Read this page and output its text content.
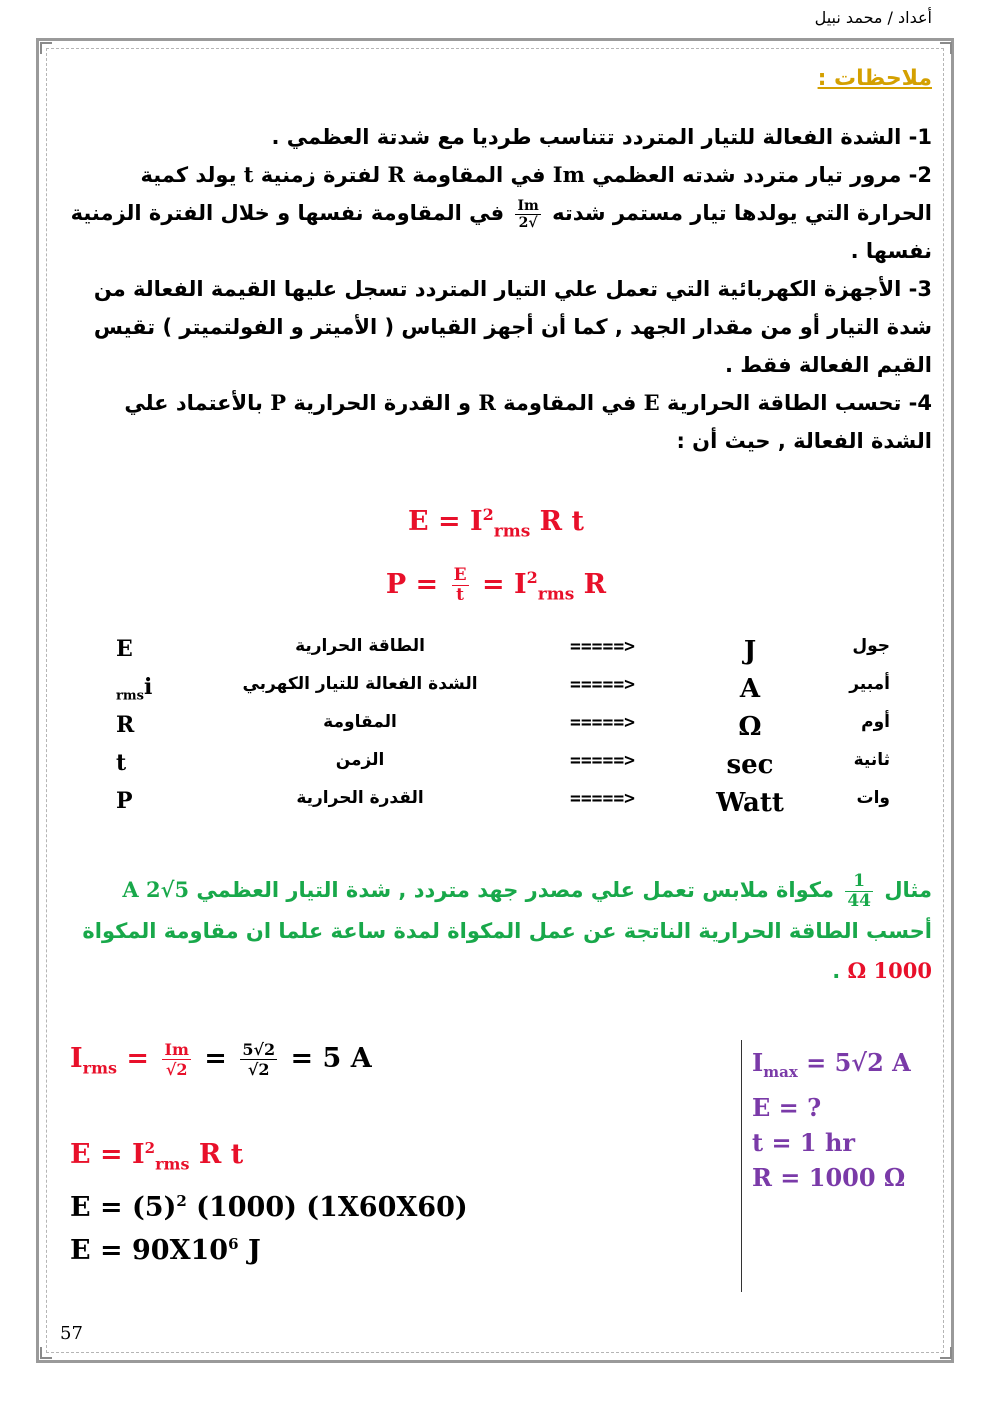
أعداد / محمد نبيل
ملاحظات :

1- الشدة الفعالة للتيار المتردد تتناسب طرديا مع شدتة العظمي .

2- مرور تيار متردد شدته العظمي Im في المقاومة R لفترة زمنية t يولد كمية الحرارة التي يولدها تيار مستمر شدته
$\frac{Im}{√2}$
في المقاومة نفسها و خلال الفترة الزمنية نفسها .

3- الأجهزة الكهربائية التي تعمل علي التيار المتردد تسجل عليها القيمة الفعالة من شدة التيار أو من مقدار الجهد , كما أن أجهز القياس ( الأميتر و الفولتميتر ) تقيس القيم الفعالة فقط .

4- تحسب الطاقة الحرارية E في المقاومة R و القدرة الحرارية P بالأعتماد علي الشدة الفعالة , حيث أن :

$E = I^2_{rms}$ R t
$P = \frac{E}{t} = I^2_{rms}$ R
E	الطاقة الحرارية	=====>	J	جول
$_{rms}$ i	الشدة الفعالة للتيار الكهربي	=====>	A	أمبير
R	المقاومة	=====>	Ω	أوم
t	الزمن	=====>	sec	ثانية
P	القدرة الحرارية	=====>	Watt	وات
مثال
$\frac{1}{44}$
مكواة ملابس تعمل علي مصدر جهد متردد , شدة التيار العظمي 5√2 A أحسب الطاقة الحرارية الناتجة عن عمل المكواة لمدة ساعة علما ان مقاومة المكواة 1000 Ω .
$I_{rms} = \frac{Im}{√2} = \frac{5√2}{√2} = 5$ A
$E = I^2_{rms}$ R t
$E = (5)^2$ (1000) (1X60X60)
$E = 90X10^6$ J
$I_{max} = 5√2$ A
E = ?
t = 1 hr
R = 1000 Ω
57
